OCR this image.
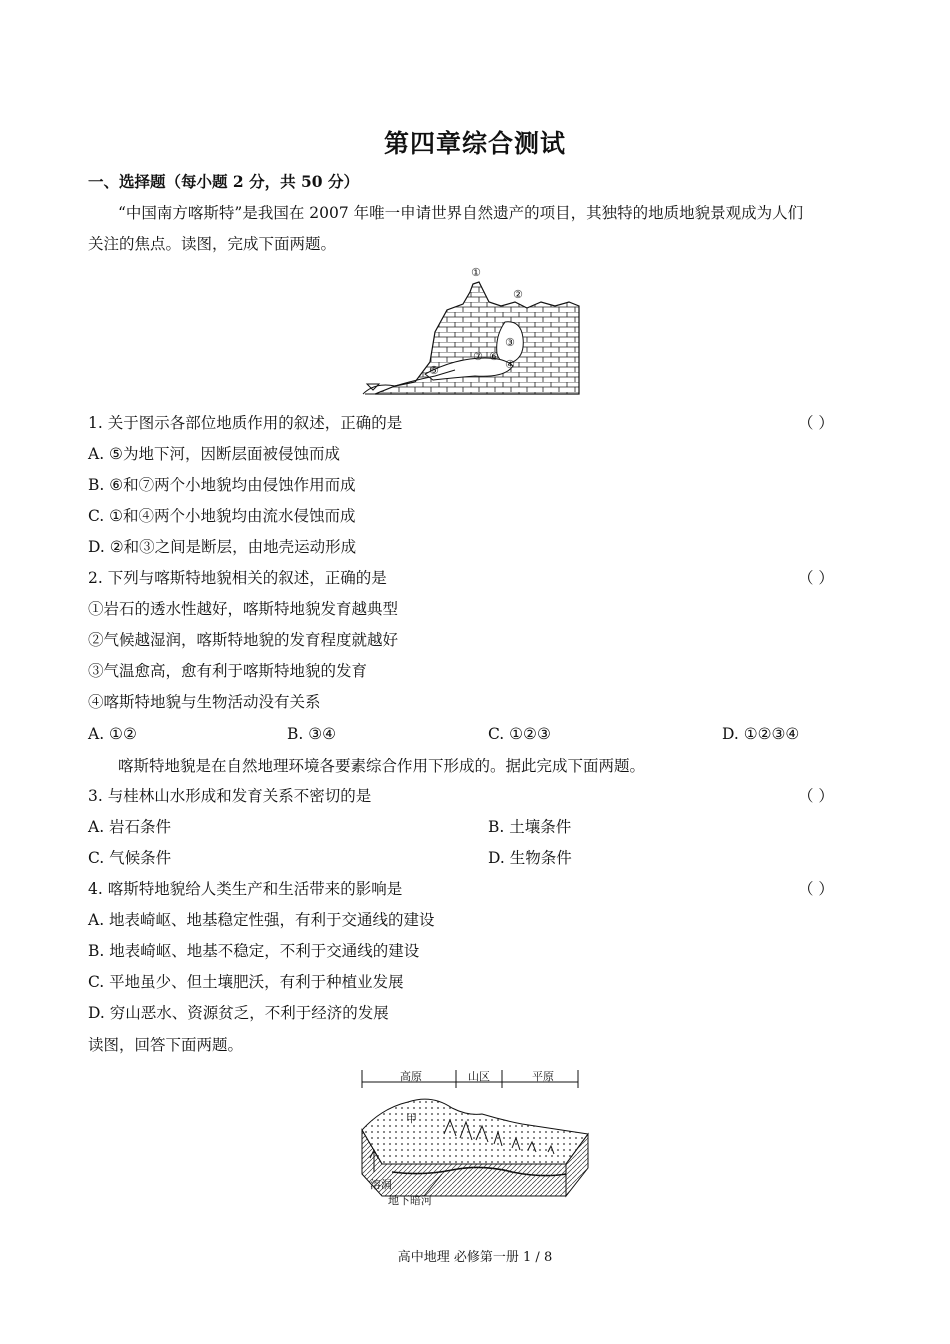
第四章综合测试
一、选择题（每小题 2 分，共 50 分）
“中国南方喀斯特”是我国在 2007 年唯一申请世界自然遗产的项目，其独特的地质地貌景观成为人们
关注的焦点。读图，完成下面两题。
①
②
③
④
⑤
⑥
⑦
1. 关于图示各部位地质作用的叙述，正确的是	（ ）
A. ⑤为地下河，因断层面被侵蚀而成
B. ⑥和⑦两个小地貌均由侵蚀作用而成
C. ①和④两个小地貌均由流水侵蚀而成
D. ②和③之间是断层，由地壳运动形成
2. 下列与喀斯特地貌相关的叙述，正确的是	（ ）
①岩石的透水性越好，喀斯特地貌发育越典型
②气候越湿润，喀斯特地貌的发育程度就越好
③气温愈高，愈有利于喀斯特地貌的发育
④喀斯特地貌与生物活动没有关系
A. ①②	B. ③④	C. ①②③	D. ①②③④
喀斯特地貌是在自然地理环境各要素综合作用下形成的。据此完成下面两题。
3. 与桂林山水形成和发育关系不密切的是	（ ）
A. 岩石条件	B. 土壤条件
C. 气候条件	D. 生物条件
4. 喀斯特地貌给人类生产和生活带来的影响是	（ ）
A. 地表崎岖、地基稳定性强，有利于交通线的建设
B. 地表崎岖、地基不稳定，不利于交通线的建设
C. 平地虽少、但土壤肥沃，有利于种植业发展
D. 穷山恶水、资源贫乏，不利于经济的发展
读图，回答下面两题。
高原	山区	平原
甲
溶洞
地下暗河
高中地理 必修第一册 1 / 8
